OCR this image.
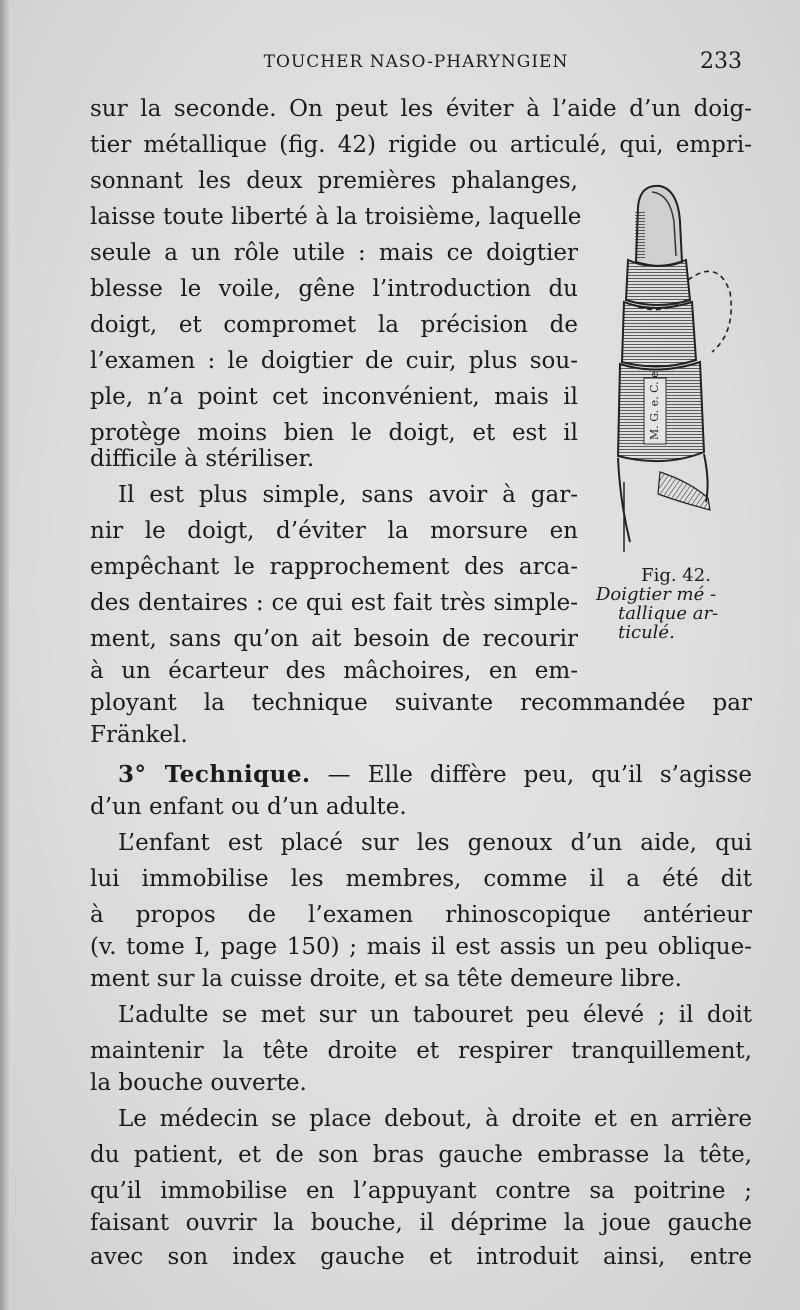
TOUCHER NASO-PHARYNGIEN	233
sur la seconde. On peut les éviter à l’aide d’un doig-
tier métallique (fig. 42) rigide ou articulé, qui, empri-
sonnant les deux premières phalanges,
laisse toute liberté à la troisième, laquelle
seule a un rôle utile : mais ce doigtier
blesse le voile, gêne l’introduction du
doigt, et compromet la précision de
l’examen : le doigtier de cuir, plus sou-
ple, n’a point cet inconvénient, mais il
protège moins bien le doigt, et est il
difficile à stériliser.
Il est plus simple, sans avoir à gar-
nir le doigt, d’éviter la morsure en
empêchant le rapprochement des arca-
des dentaires : ce qui est fait très simple-
ment, sans qu’on ait besoin de recourir
à un écarteur des mâchoires, en em-
ployant la technique suivante recommandée par
Fränkel.
3° Technique. — Elle diffère peu, qu’il s’agisse
d’un enfant ou d’un adulte.
L’enfant est placé sur les genoux d’un aide, qui
lui immobilise les membres, comme il a été dit
à propos de l’examen rhinoscopique antérieur
(v. tome I, page 150) ; mais il est assis un peu oblique-
ment sur la cuisse droite, et sa tête demeure libre.
L’adulte se met sur un tabouret peu élevé ; il doit
maintenir la tête droite et respirer tranquillement,
la bouche ouverte.
Le médecin se place debout, à droite et en arrière
du patient, et de son bras gauche embrasse la tête,
qu’il immobilise en l’appuyant contre sa poitrine ;
faisant ouvrir la bouche, il déprime la joue gauche
avec son index gauche et introduit ainsi, entre
M. G. e. C. e
Fig. 42.
Doigtier mé -
tallique ar-
ticulé.
